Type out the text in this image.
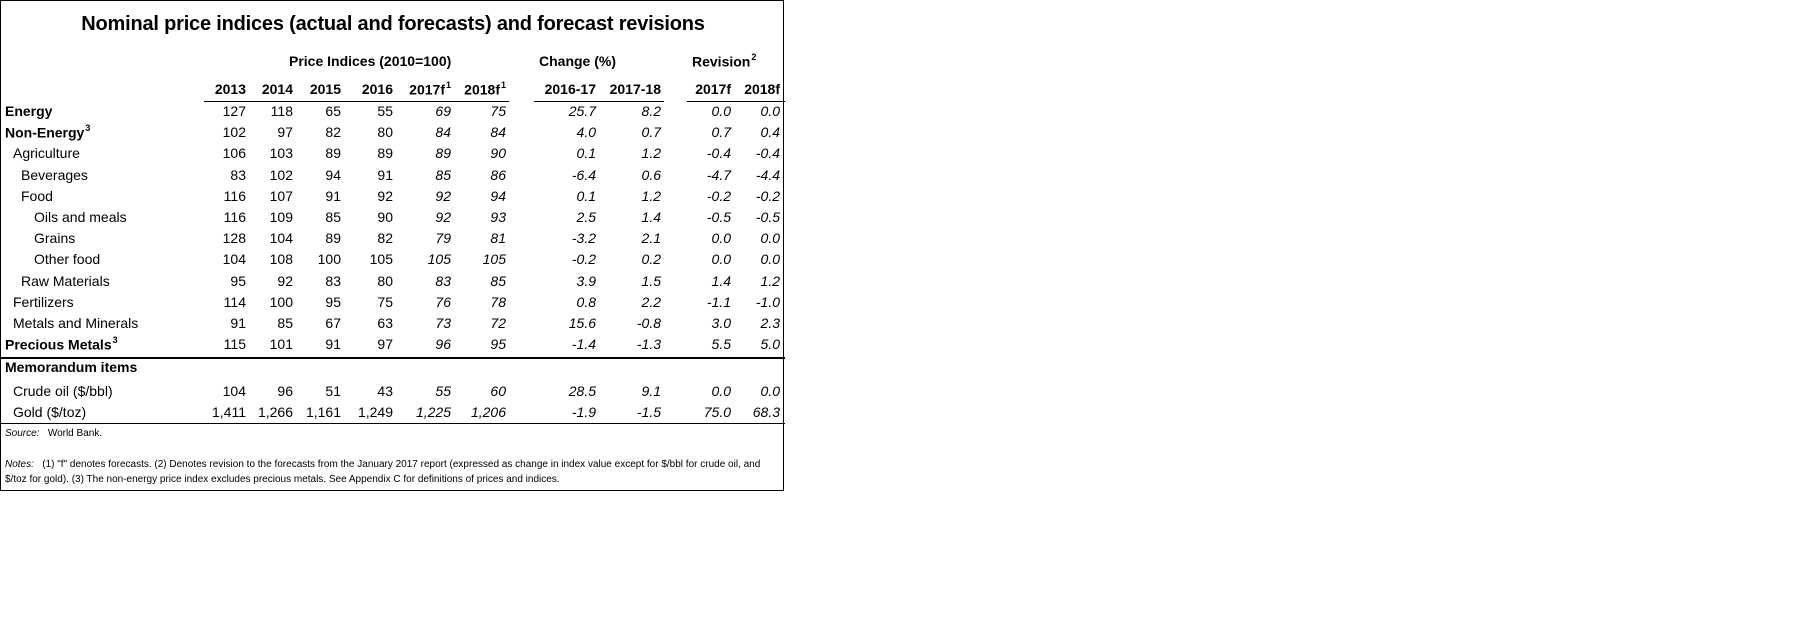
Nominal price indices (actual and forecasts) and forecast revisions
Price Indices (2010=100)	Change (%)	Revision$^2$
2013	2014	2015	2016	$2017f^1$ $2018f^1$	2016-17 2017-18	2017f 2018f
Energy	127	118	65	55	69	75	25.7	8.2	0.0	0.0
Non-Energy$^3$	102	97	82	80	84	84	4.0	0.7	0.7	0.4
Agriculture	106	103	89	89	89	90	0.1	1.2	-0.4	-0.4
Beverages	83	102	94	91	85	86	-6.4	0.6	-4.7	-4.4
Food	116	107	91	92	92	94	0.1	1.2	-0.2	-0.2
Oils and meals	116	109	85	90	92	93	2.5	1.4	-0.5	-0.5
Grains	128	104	89	82	79	81	-3.2	2.1	0.0	0.0
Other food	104	108	100	105	105	105	-0.2	0.2	0.0	0.0
Raw Materials	95	92	83	80	83	85	3.9	1.5	1.4	1.2
Fertilizers	114	100	95	75	76	78	0.8	2.2	-1.1	-1.0
Metals and Minerals	91	85	67	63	73	72	15.6	-0.8	3.0	2.3
Precious Metals$^3$	115	101	91	97	96	95	-1.4	-1.3	5.5	5.0
Memorandum items
Crude oil ($/bbl)	104	96	51	43	55	60	28.5	9.1	0.0	0.0
Gold ($/toz)	1,411 1,266 1,161	1,249	1,225	1,206	-1.9	-1.5	75.0	68.3
Source: World Bank.
Notes: (1) "f" denotes forecasts. (2) Denotes revision to the forecasts from the January 2017 report (expressed as change in index value except for $/bbl for crude oil, and $/toz for gold). (3) The non-energy price index excludes precious metals. See Appendix C for definitions of prices and indices.
